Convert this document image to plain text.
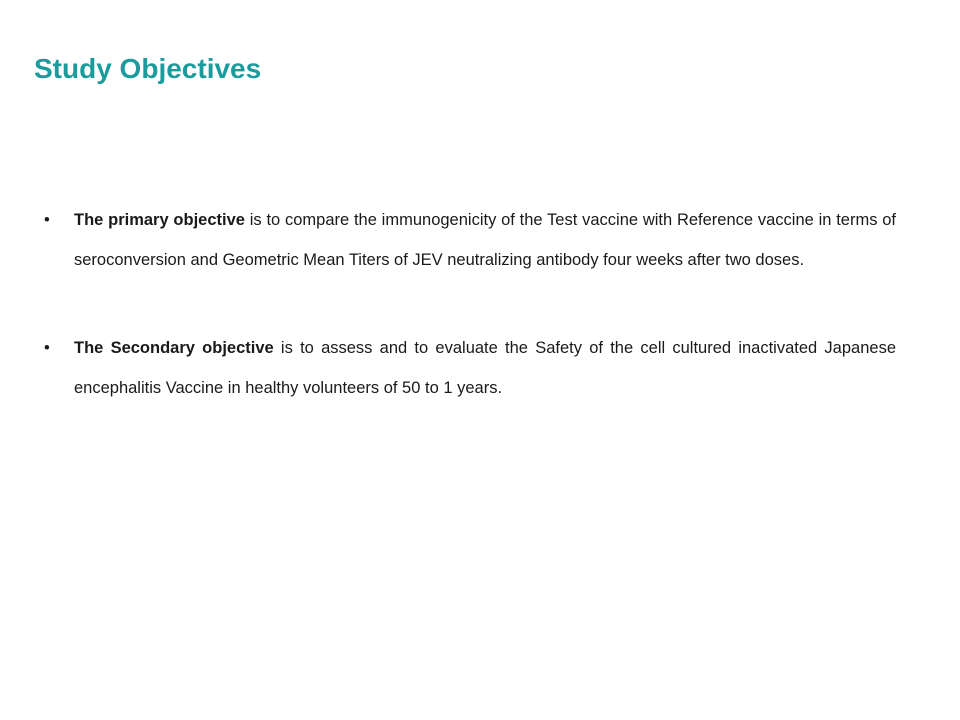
Study Objectives
• The primary objective is to compare the immunogenicity of the Test vaccine with Reference vaccine in terms of seroconversion and Geometric Mean Titers of JEV neutralizing antibody four weeks after two doses.
• The Secondary objective is to assess and to evaluate the Safety of the cell cultured inactivated Japanese encephalitis Vaccine in healthy volunteers of 50 to 1 years.
